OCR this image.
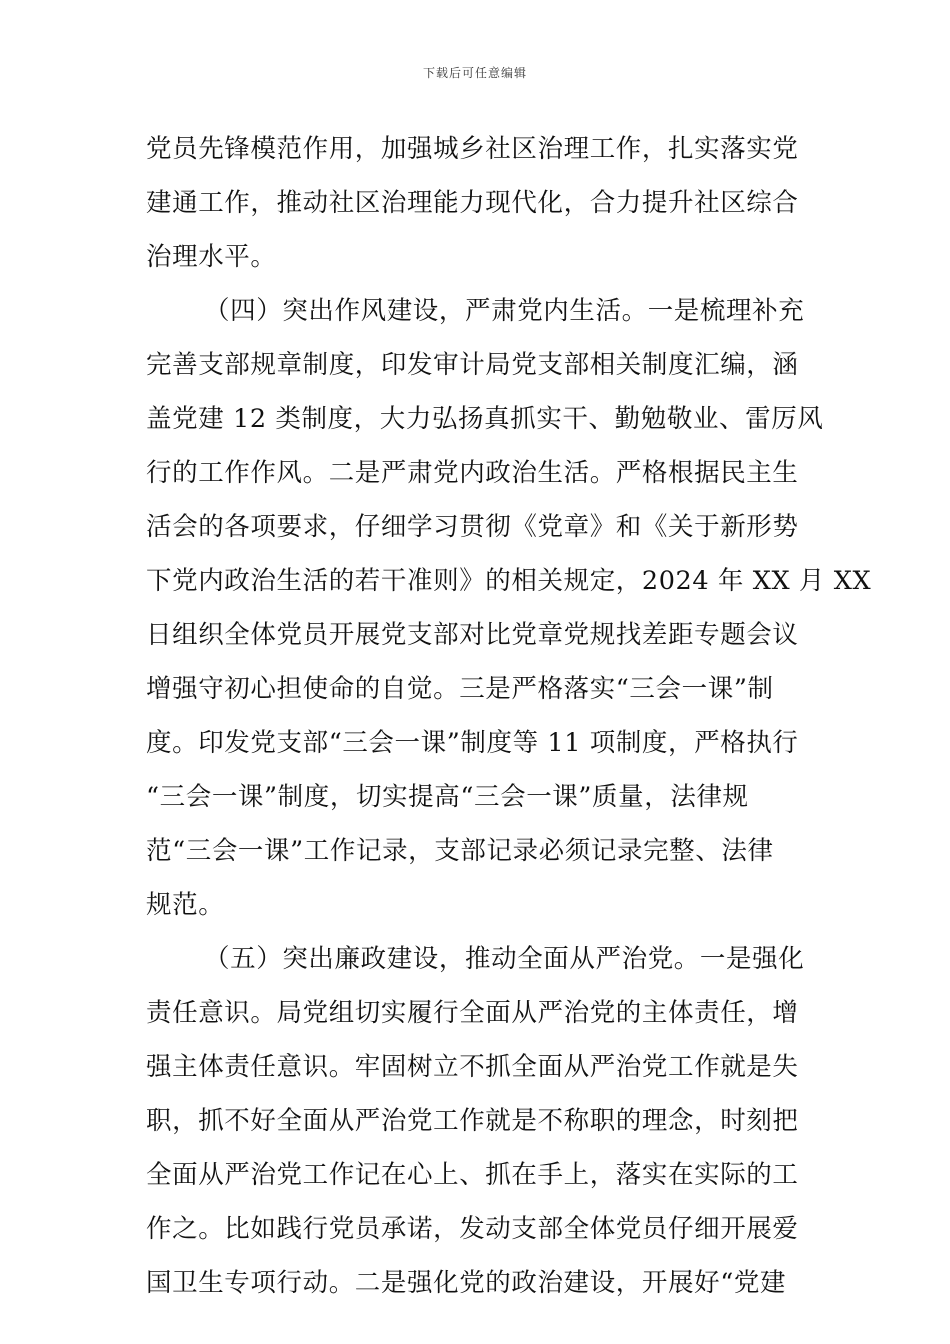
下载后可任意编辑
党员先锋模范作用，加强城乡社区治理工作，扎实落实党
建通工作，推动社区治理能力现代化，合力提升社区综合
治理水平。
（四）突出作风建设，严肃党内生活。一是梳理补充
完善支部规章制度，印发审计局党支部相关制度汇编，涵
盖党建 12 类制度，大力弘扬真抓实干、勤勉敬业、雷厉风
行的工作作风。二是严肃党内政治生活。严格根据民主生
活会的各项要求，仔细学习贯彻《党章》和《关于新形势
下党内政治生活的若干准则》的相关规定，2024 年 XX 月 XX
日组织全体党员开展党支部对比党章党规找差距专题会议
增强守初心担使命的自觉。三是严格落实“三会一课”制
度。印发党支部“三会一课”制度等 11 项制度，严格执行
“三会一课”制度，切实提高“三会一课”质量，法律规
范“三会一课”工作记录，支部记录必须记录完整、法律
规范。
（五）突出廉政建设，推动全面从严治党。一是强化
责任意识。局党组切实履行全面从严治党的主体责任，增
强主体责任意识。牢固树立不抓全面从严治党工作就是失
职，抓不好全面从严治党工作就是不称职的理念，时刻把
全面从严治党工作记在心上、抓在手上，落实在实际的工
作之。比如践行党员承诺，发动支部全体党员仔细开展爱
国卫生专项行动。二是强化党的政治建设，开展好“党建
